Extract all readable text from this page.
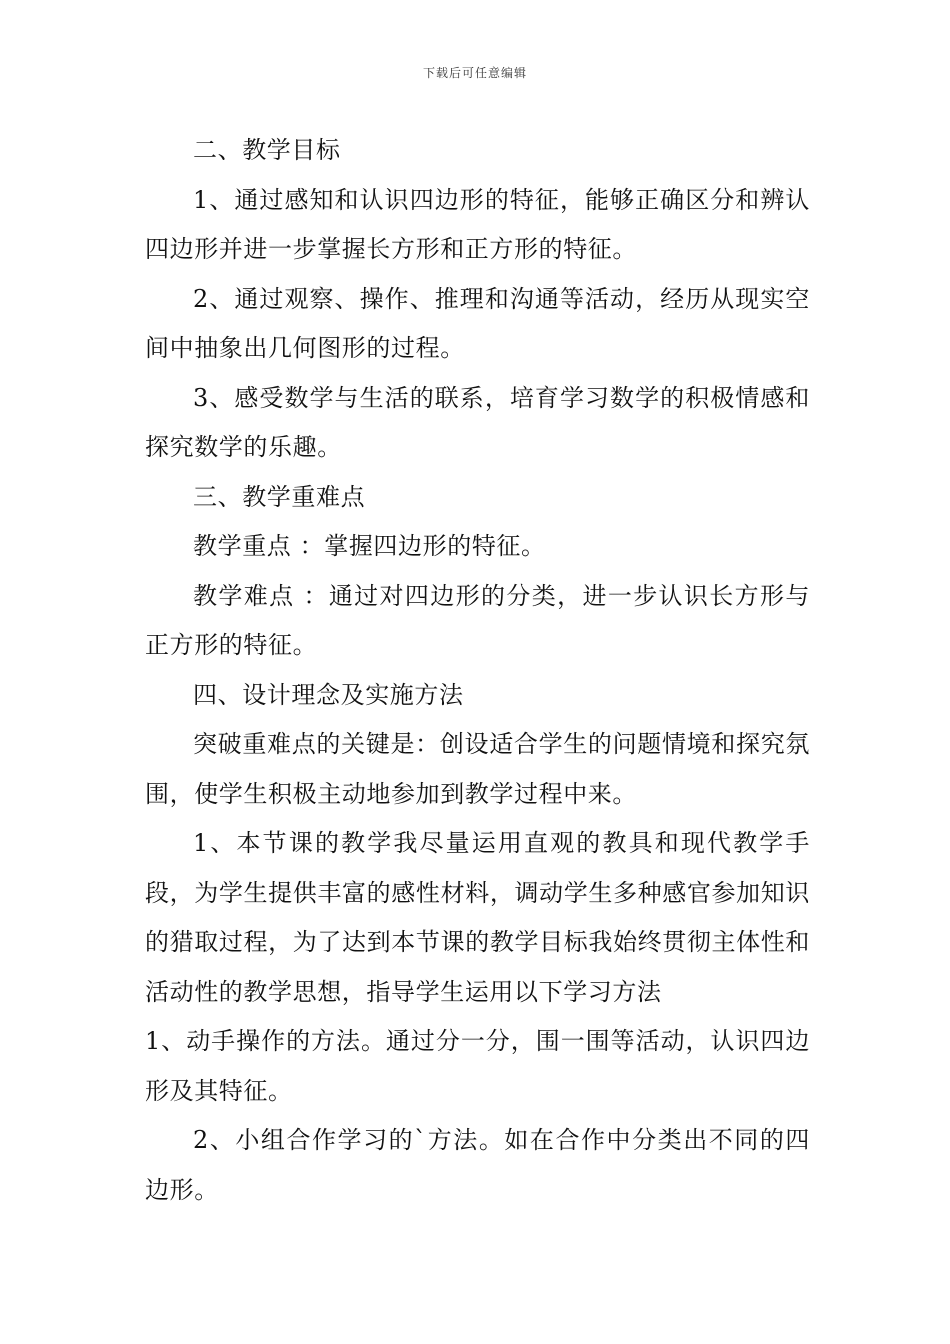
下载后可任意编辑

二、教学目标

1、通过感知和认识四边形的特征，能够正确区分和辨认四边形并进一步掌握长方形和正方形的特征。

2、通过观察、操作、推理和沟通等活动，经历从现实空间中抽象出几何图形的过程。

3、感受数学与生活的联系，培育学习数学的积极情感和探究数学的乐趣。

三、教学重难点

教学重点 ：掌握四边形的特征。

教学难点 ：通过对四边形的分类，进一步认识长方形与正方形的特征。

四、设计理念及实施方法

突破重难点的关键是：创设适合学生的问题情境和探究氛围，使学生积极主动地参加到教学过程中来。

1、本节课的教学我尽量运用直观的教具和现代教学手段，为学生提供丰富的感性材料，调动学生多种感官参加知识的猎取过程，为了达到本节课的教学目标我始终贯彻主体性和活动性的教学思想，指导学生运用以下学习方法

1、动手操作的方法。通过分一分，围一围等活动，认识四边形及其特征。

2、小组合作学习的`方法。如在合作中分类出不同的四边形。
